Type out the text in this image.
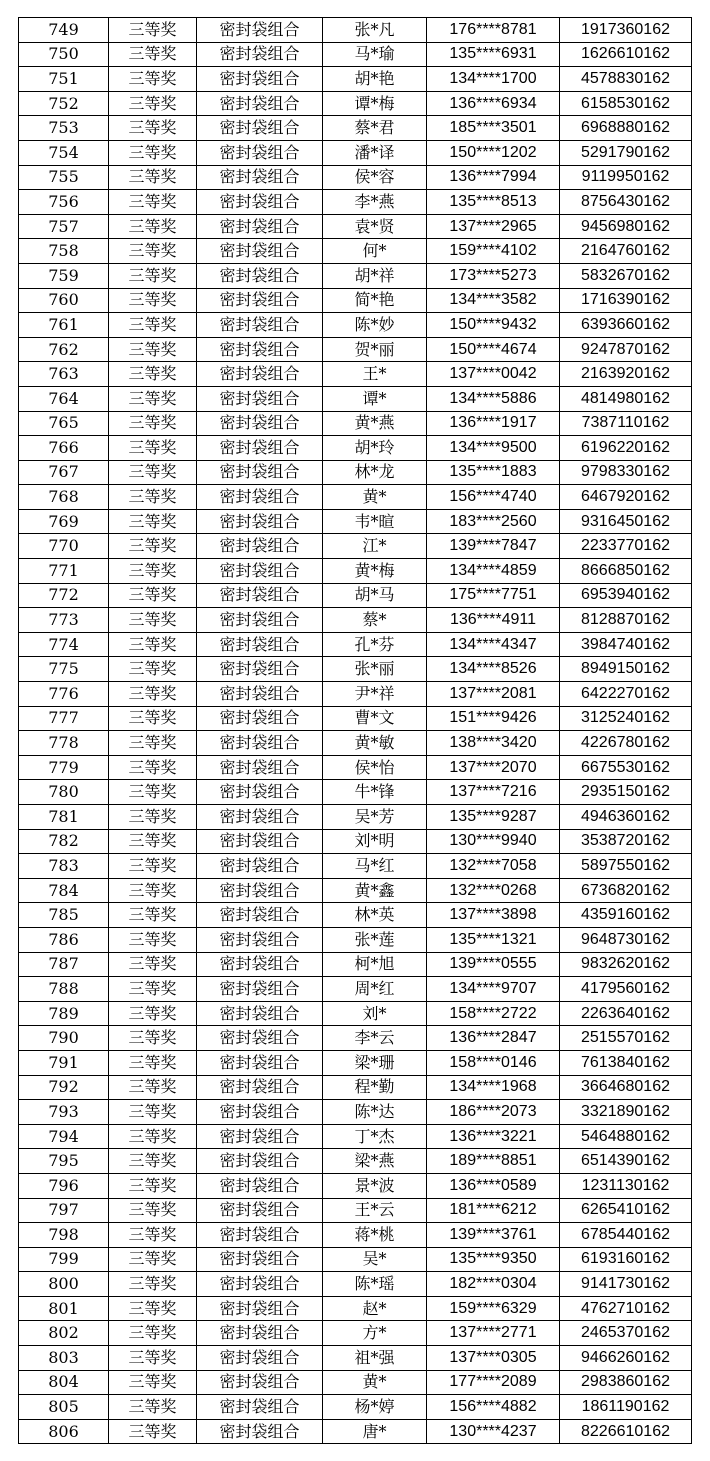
749	三等奖	密封袋组合	张*凡	176****8781	1917360162
750	三等奖	密封袋组合	马*瑜	135****6931	1626610162
751	三等奖	密封袋组合	胡*艳	134****1700	4578830162
752	三等奖	密封袋组合	谭*梅	136****6934	6158530162
753	三等奖	密封袋组合	蔡*君	185****3501	6968880162
754	三等奖	密封袋组合	潘*译	150****1202	5291790162
755	三等奖	密封袋组合	侯*容	136****7994	9119950162
756	三等奖	密封袋组合	李*燕	135****8513	8756430162
757	三等奖	密封袋组合	袁*贤	137****2965	9456980162
758	三等奖	密封袋组合	何*	159****4102	2164760162
759	三等奖	密封袋组合	胡*祥	173****5273	5832670162
760	三等奖	密封袋组合	简*艳	134****3582	1716390162
761	三等奖	密封袋组合	陈*妙	150****9432	6393660162
762	三等奖	密封袋组合	贺*丽	150****4674	9247870162
763	三等奖	密封袋组合	王*	137****0042	2163920162
764	三等奖	密封袋组合	谭*	134****5886	4814980162
765	三等奖	密封袋组合	黄*燕	136****1917	7387110162
766	三等奖	密封袋组合	胡*玲	134****9500	6196220162
767	三等奖	密封袋组合	林*龙	135****1883	9798330162
768	三等奖	密封袋组合	黄*	156****4740	6467920162
769	三等奖	密封袋组合	韦*暄	183****2560	9316450162
770	三等奖	密封袋组合	江*	139****7847	2233770162
771	三等奖	密封袋组合	黄*梅	134****4859	8666850162
772	三等奖	密封袋组合	胡*马	175****7751	6953940162
773	三等奖	密封袋组合	蔡*	136****4911	8128870162
774	三等奖	密封袋组合	孔*芬	134****4347	3984740162
775	三等奖	密封袋组合	张*丽	134****8526	8949150162
776	三等奖	密封袋组合	尹*祥	137****2081	6422270162
777	三等奖	密封袋组合	曹*文	151****9426	3125240162
778	三等奖	密封袋组合	黄*敏	138****3420	4226780162
779	三等奖	密封袋组合	侯*怡	137****2070	6675530162
780	三等奖	密封袋组合	牛*锋	137****7216	2935150162
781	三等奖	密封袋组合	吴*芳	135****9287	4946360162
782	三等奖	密封袋组合	刘*明	130****9940	3538720162
783	三等奖	密封袋组合	马*红	132****7058	5897550162
784	三等奖	密封袋组合	黄*鑫	132****0268	6736820162
785	三等奖	密封袋组合	林*英	137****3898	4359160162
786	三等奖	密封袋组合	张*莲	135****1321	9648730162
787	三等奖	密封袋组合	柯*旭	139****0555	9832620162
788	三等奖	密封袋组合	周*红	134****9707	4179560162
789	三等奖	密封袋组合	刘*	158****2722	2263640162
790	三等奖	密封袋组合	李*云	136****2847	2515570162
791	三等奖	密封袋组合	梁*珊	158****0146	7613840162
792	三等奖	密封袋组合	程*勤	134****1968	3664680162
793	三等奖	密封袋组合	陈*达	186****2073	3321890162
794	三等奖	密封袋组合	丁*杰	136****3221	5464880162
795	三等奖	密封袋组合	梁*燕	189****8851	6514390162
796	三等奖	密封袋组合	景*波	136****0589	1231130162
797	三等奖	密封袋组合	王*云	181****6212	6265410162
798	三等奖	密封袋组合	蒋*桃	139****3761	6785440162
799	三等奖	密封袋组合	吴*	135****9350	6193160162
800	三等奖	密封袋组合	陈*瑶	182****0304	9141730162
801	三等奖	密封袋组合	赵*	159****6329	4762710162
802	三等奖	密封袋组合	方*	137****2771	2465370162
803	三等奖	密封袋组合	祖*强	137****0305	9466260162
804	三等奖	密封袋组合	黄*	177****2089	2983860162
805	三等奖	密封袋组合	杨*婷	156****4882	1861190162
806	三等奖	密封袋组合	唐*	130****4237	8226610162
